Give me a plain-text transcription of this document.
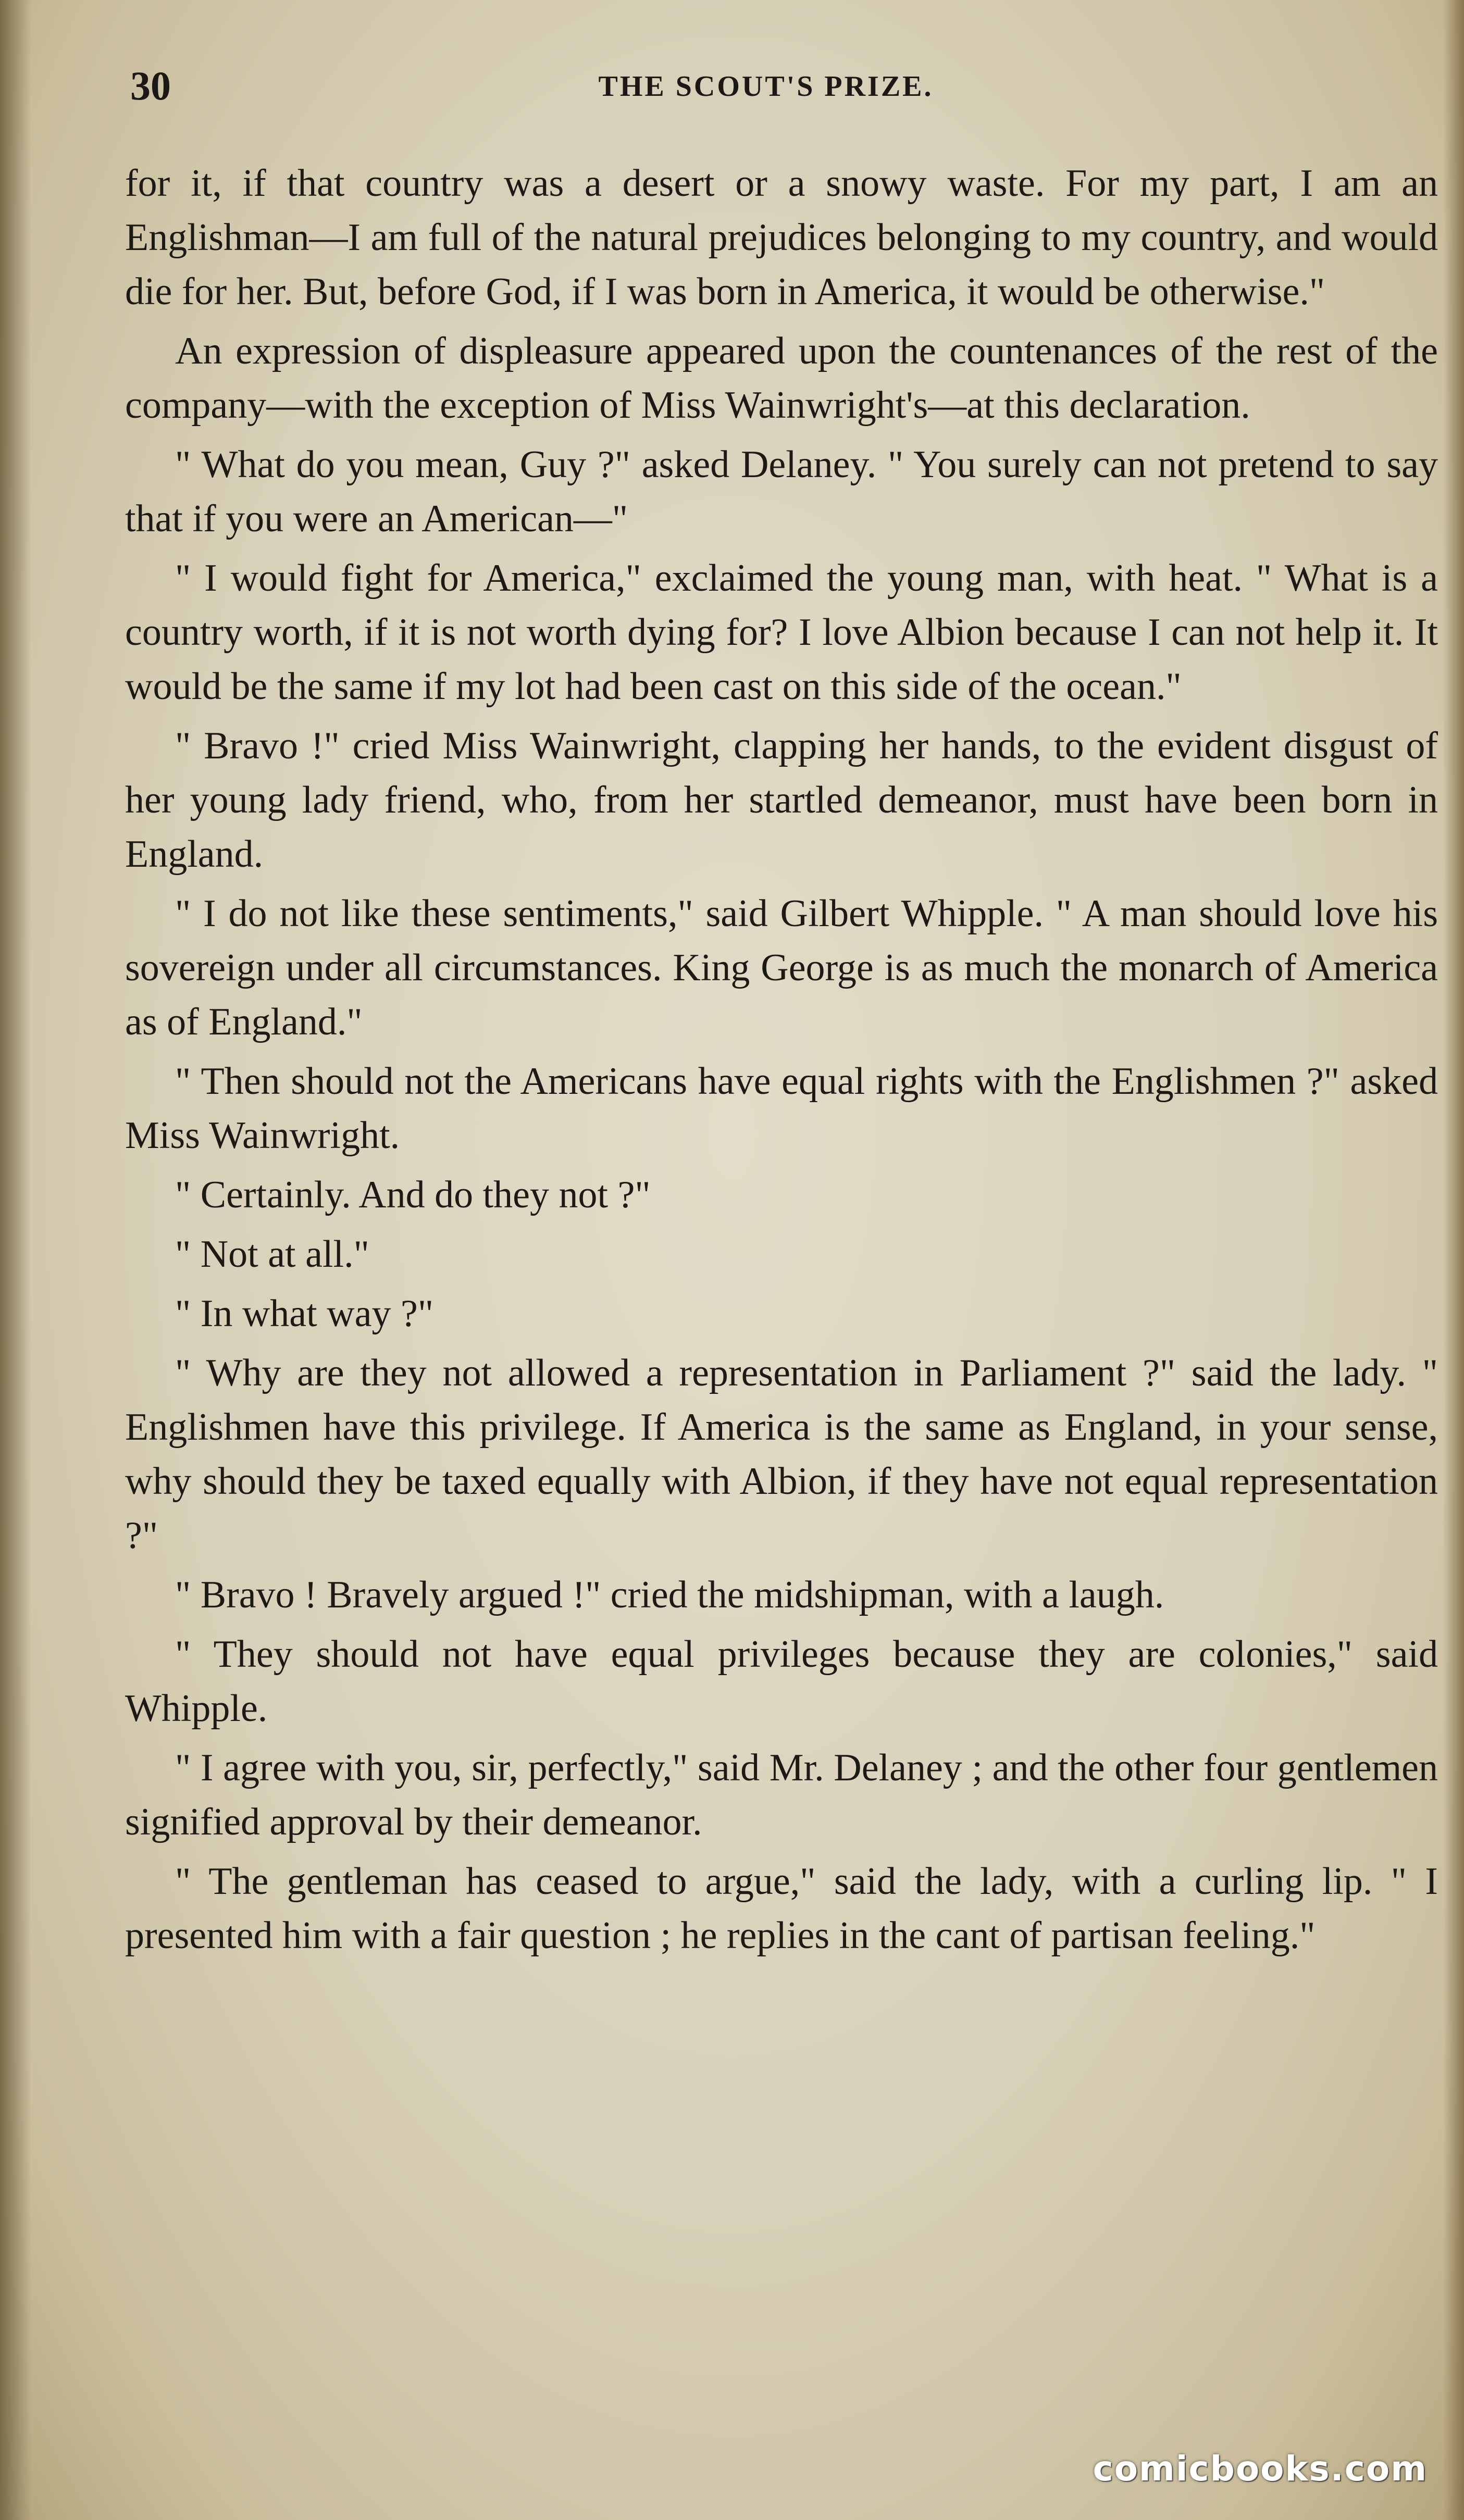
30	THE SCOUT'S PRIZE.

for it, if that country was a desert or a snowy waste. For my part, I am an Englishman—I am full of the natural prejudices belonging to my country, and would die for her. But, before God, if I was born in America, it would be otherwise."

An expression of displeasure appeared upon the countenances of the rest of the company—with the exception of Miss Wainwright's—at this declaration.

" What do you mean, Guy ?" asked Delaney. " You surely can not pretend to say that if you were an American—"

" I would fight for America," exclaimed the young man, with heat. " What is a country worth, if it is not worth dying for? I love Albion because I can not help it. It would be the same if my lot had been cast on this side of the ocean."

" Bravo !" cried Miss Wainwright, clapping her hands, to the evident disgust of her young lady friend, who, from her startled demeanor, must have been born in England.

" I do not like these sentiments," said Gilbert Whipple. " A man should love his sovereign under all circumstances. King George is as much the monarch of America as of England."

" Then should not the Americans have equal rights with the Englishmen ?" asked Miss Wainwright.

" Certainly. And do they not ?"

" Not at all."

" In what way ?"

" Why are they not allowed a representation in Parliament ?" said the lady. " Englishmen have this privilege. If America is the same as England, in your sense, why should they be taxed equally with Albion, if they have not equal representation ?"

" Bravo ! Bravely argued !" cried the midshipman, with a laugh.

" They should not have equal privileges because they are colonies," said Whipple.

" I agree with you, sir, perfectly," said Mr. Delaney ; and the other four gentlemen signified approval by their demeanor.

" The gentleman has ceased to argue," said the lady, with a curling lip. " I presented him with a fair question ; he replies in the cant of partisan feeling."

comicbooks.com
